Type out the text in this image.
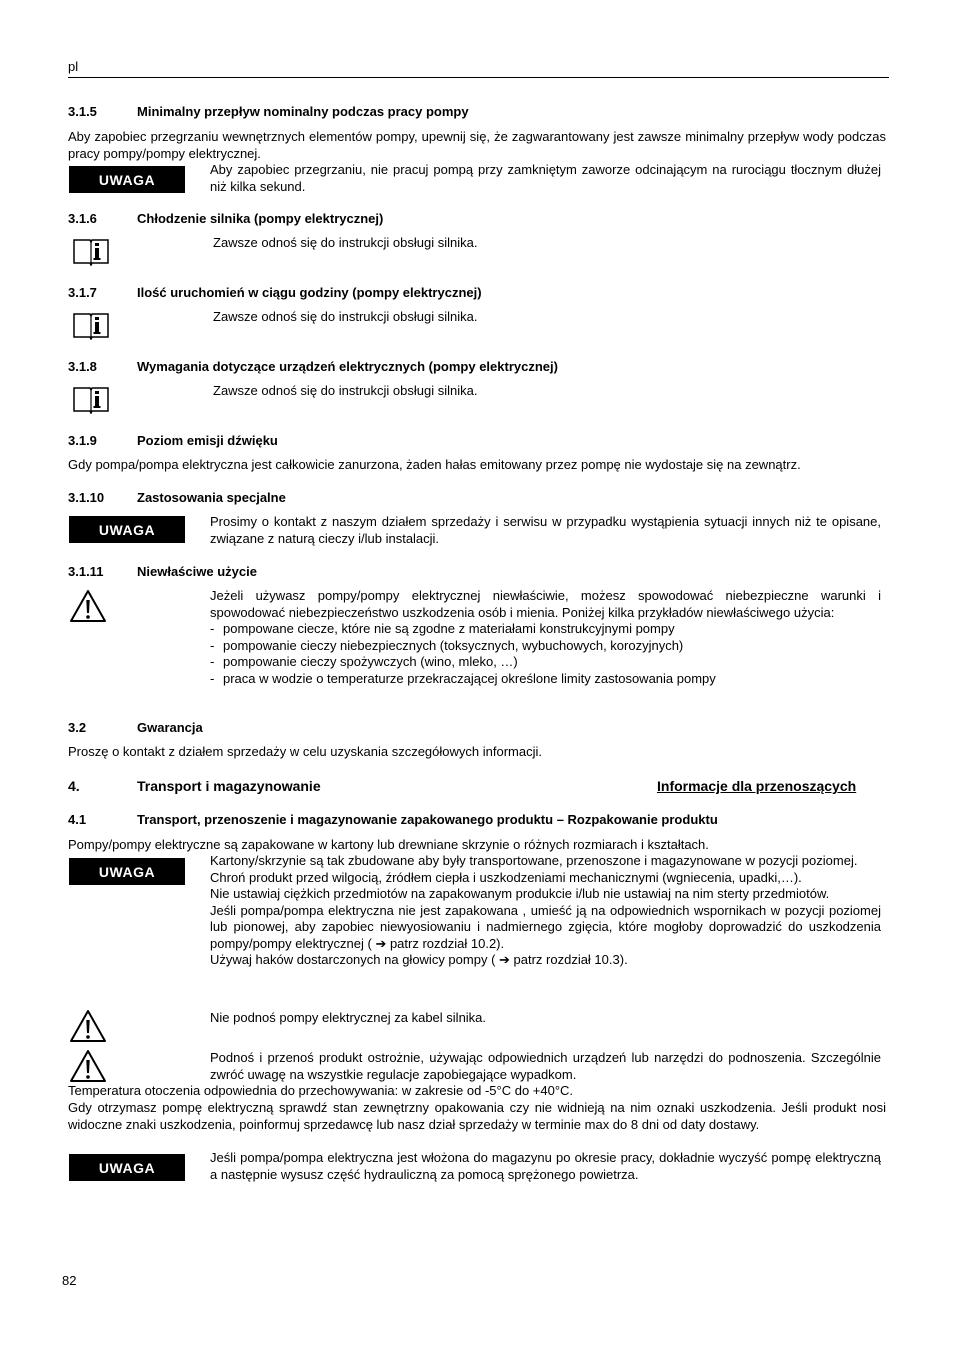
pl
3.1.5	Minimalny przepływ nominalny podczas pracy pompy

Aby zapobiec przegrzaniu wewnętrznych elementów pompy, upewnij się, że zagwarantowany jest zawsze minimalny przepływ wody podczas pracy pompy/pompy elektrycznej.

UWAGA

Aby zapobiec przegrzaniu, nie pracuj pompą przy zamkniętym zaworze odcinającym na rurociągu tłocznym dłużej niż kilka sekund.

3.1.6	Chłodzenie silnika (pompy elektrycznej)
Zawsze odnoś się do instrukcji obsługi silnika.
3.1.7	Ilość uruchomień w ciągu godziny (pompy elektrycznej)
Zawsze odnoś się do instrukcji obsługi silnika.
3.1.8	Wymagania dotyczące urządzeń elektrycznych (pompy elektrycznej)
Zawsze odnoś się do instrukcji obsługi silnika.
3.1.9	Poziom emisji dźwięku

Gdy pompa/pompa elektryczna jest całkowicie zanurzona, żaden hałas emitowany przez pompę nie wydostaje się na zewnątrz.

3.1.10	Zastosowania specjalne
UWAGA	Prosimy o kontakt z naszym działem sprzedaży i serwisu w przypadku wystąpienia sytuacji innych niż te opisane, związane z naturą cieczy i/lub instalacji.

3.1.11	Niewłaściwe użycie

Jeżeli używasz pompy/pompy elektrycznej niewłaściwie, możesz spowodować niebezpieczne warunki i spowodować niebezpieczeństwo uszkodzenia osób i mienia. Poniżej kilka przykładów niewłaściwego użycia:

- pompowane ciecze, które nie są zgodne z materiałami konstrukcyjnymi pompy
- pompowanie cieczy niebezpiecznych (toksycznych, wybuchowych, korozyjnych)
- pompowanie cieczy spożywczych (wino, mleko, …)
- praca w wodzie o temperaturze przekraczającej określone limity zastosowania pompy
3.2	Gwarancja

Proszę o kontakt z działem sprzedaży w celu uzyskania szczegółowych informacji.

4.	Transport i magazynowanie	Informacje dla przenoszących
4.1	Transport, przenoszenie i magazynowanie zapakowanego produktu – Rozpakowanie produktu

Pompy/pompy elektryczne są zapakowane w kartony lub drewniane skrzynie o różnych rozmiarach i kształtach.

UWAGA

Kartony/skrzynie są tak zbudowane aby były transportowane, przenoszone i magazynowane w pozycji poziomej.

Chroń produkt przed wilgocią, źródłem ciepła i uszkodzeniami mechanicznymi (wgniecenia, upadki,…).

Nie ustawiaj ciężkich przedmiotów na zapakowanym produkcie i/lub nie ustawiaj na nim sterty przedmiotów.

Jeśli pompa/pompa elektryczna nie jest zapakowana , umieść ją na odpowiednich wspornikach w pozycji poziomej lub pionowej, aby zapobiec niewyosiowaniu i nadmiernego zgięcia, które mogłoby doprowadzić do uszkodzenia pompy/pompy elektrycznej ( ➔ patrz rozdział 10.2).

Używaj haków dostarczonych na głowicy pompy ( ➔ patrz rozdział 10.3).

Nie podnoś pompy elektrycznej za kabel silnika.

Podnoś i przenoś produkt ostrożnie, używając odpowiednich urządzeń lub narzędzi do podnoszenia. Szczególnie zwróć uwagę na wszystkie regulacje zapobiegające wypadkom.

Temperatura otoczenia odpowiednia do przechowywania: w zakresie od -5°C do +40°C.

Gdy otrzymasz pompę elektryczną sprawdź stan zewnętrzny opakowania czy nie widnieją na nim oznaki uszkodzenia. Jeśli produkt nosi widoczne znaki uszkodzenia, poinformuj sprzedawcę lub nasz dział sprzedaży w terminie max do 8 dni od daty dostawy.

UWAGA

Jeśli pompa/pompa elektryczna jest włożona do magazynu po okresie pracy, dokładnie wyczyść pompę elektryczną a następnie wysusz część hydrauliczną za pomocą sprężonego powietrza.

82
